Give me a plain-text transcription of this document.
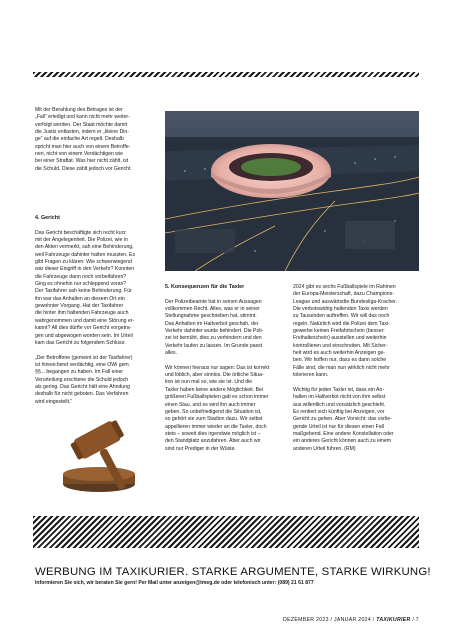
Mit der Berahlung des Betrages ist der
„Fall“ erledigt und kann nicht mehr weiter-
verfolgt werden. Der Staat möchte damit
die Justiz entlasten, indem er „kleine Din-
ge“ auf die einfache Art regelt. Deshalb
spricht man hier auch von einem Betroffe-
nen, nicht von einem Verdächtigen wie
bei einer Straftat. Was hier nicht zählt, ist
die Schuld. Diese zählt jedoch vor Gericht.

4. Gericht

Das Gericht beschäftigte sich recht kurz
mit der Angelegenheit. Die Polizei, wie in
den Akten vermerkt, sah eine Behinderung,
weil Fahrzeuge dahinter halten mussten. Es
gibt Fragen zu klären: Wie schwerwiegend
war dieser Eingriff in den Verkehr? Konnten
die Fahrzeuge dann noch vorbeifahren?
Ging es ohnehin nur schleppend voran?
Der Taxifahrer sah keine Behinderung. Für
ihn war das Anhalten an diesem Ort ein
gewohnter Vorgang. Hat der Taxifahrer
die hinter ihm haltenden Fahrzeuge auch
wahrgenommen und damit eine Störung er-
kannt? All dies dürfte vor Gericht vorgetra-
gen und abgewogen worden sein. Im Urteil
kam das Gericht zu folgendem Schluss:

„Der Betroffene (gemeint ist der Taxifahrer)
ist hinreichend verdächtig, eine OWi gem.
§§... begangen zu haben. Im Fall einer
Verurteilung erschiene die Schuld jedoch
als gering. Das Gericht hält eine Ahndung
deshalb für nicht geboten. Das Verfahren
wird eingestellt.“

5. Konsequenzen für die Taxler

Der Polizeibeamte hat in seinen Aussagen
vollkommen Recht. Alles, was er in seiner
Stellungnahme geschrieben hat, stimmt.
Das Anhalten im Haltverbot geschah, der
Verkehr dahinter wurde behindert. Die Poli-
zei ist bemüht, dies zu verhindern und den
Verkehr laufen zu lassen. Im Grunde passt
alles.

Wir können hieraus nur sagen: Das ist korrekt
und löblich, aber sinnlos. Die örtliche Situa-
tion ist nun mal so, wie sie ist. Und die
Taxler haben keine andere Möglichkeit. Bei
größeren Fußballspielen gab es schon immer
einen Stau, und es wird ihn auch immer
geben. So unbefriedigend die Situation ist,
so gehört sie zum Stadion dazu. Wir selbst
appellieren immer wieder an die Taxler, doch
stets – soweit dies irgendwie möglich ist –
den Standplatz anzufahren. Aber auch wir
sind nur Prediger in der Wüste.

2024 gibt es sechs Fußballspiele im Rahmen
der Europa-Meisterschaft, dazu Champions-
League und auswärtsdte Bundesliga-Kracher.
Die verbotswidrig haltenden Taxis werden
zu Tausenden auftreffen. Wir will das noch
regeln. Natürlich wird die Polizei dem Taxi-
gewerbe keinen Freifahrtschein (besser:
Freihaltescheín) ausstellen und weiterhin
kontrollieren und einschreiten. Mit Sicher-
heit wird es auch weiterhin Anzeigen ge-
ben. Wir hoffen nur, dass es dann solche
Fälle sind, die man nun wirklich nicht mehr
tolerieren kann.

Wichtig für jeden Taxler ist, dass ein An-
halten im Haltverbot nicht von ihm selbst
aus willentlich und vorsätzlich geschieht.
Es rentiert sich künftig bei Anzeigen, vor
Gericht zu gehen. Aber Vorsicht: das vorlie-
gende Urteil ist nur für diesen einen Fall
maßgebend. Eine andere Konstellation oder
ein anderes Gericht können auch zu einem
anderen Urteil führen. (RM)

WERBUNG IM TAXIKURIER. STARKE ARGUMENTE, STARKE WIRKUNG!
Informieren Sie sich, wir beraten Sie gern! Per Mail unter anzeigen@tmeg.de oder telefonisch unter: (089) 21 61 877
DEZEMBER 2023 / JANUAR 2024 / TAXIKURIER / 7
